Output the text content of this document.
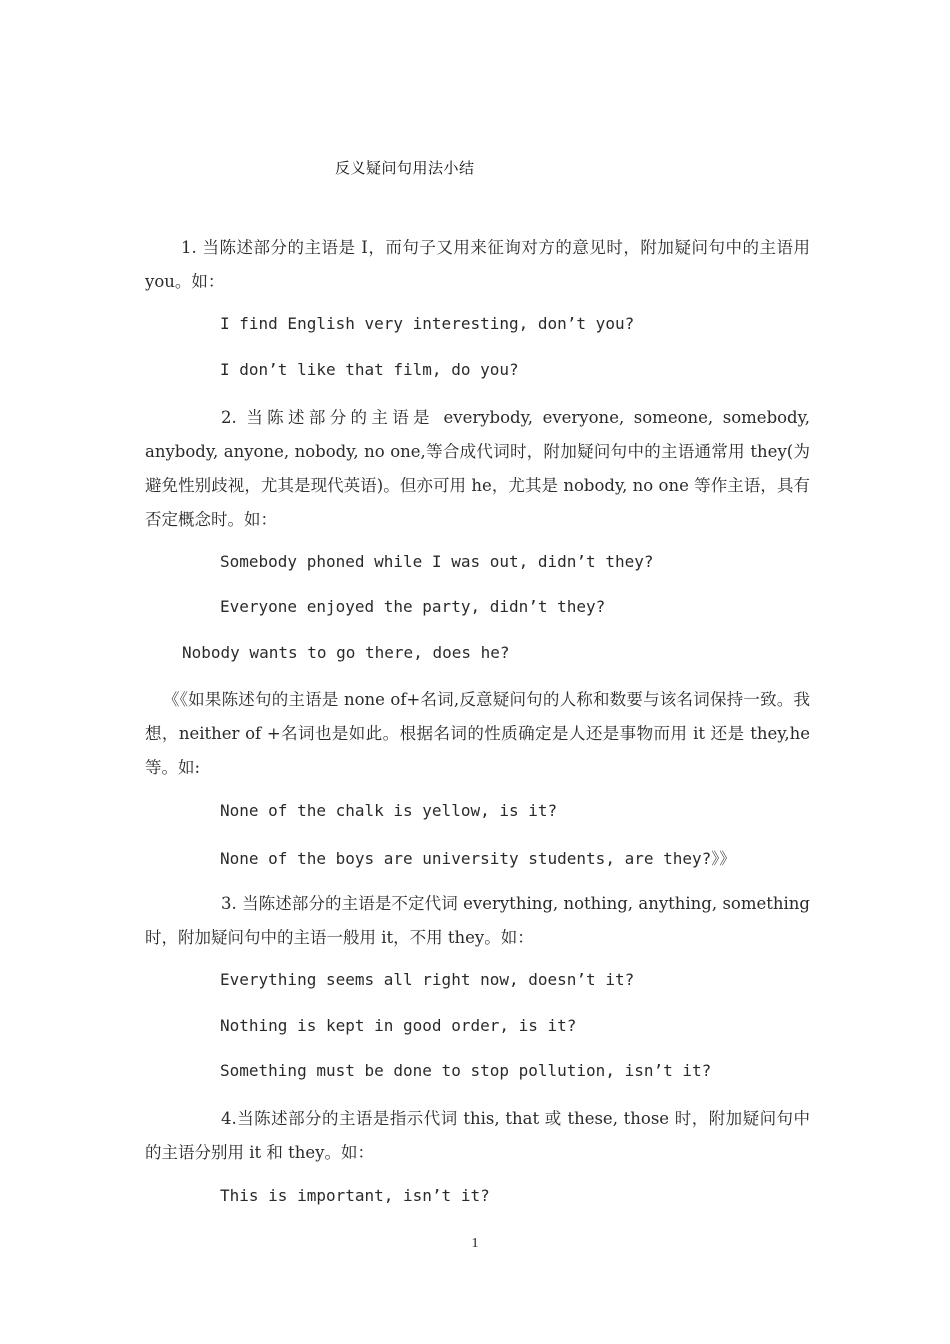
反义疑问句用法小结
1. 当陈述部分的主语是 I，而句子又用来征询对方的意见时，附加疑问句中的主语用 you。如：
I find English very interesting, don’t you?
I don’t like that film, do you?
2. 当陈述部分的主语是 everybody, everyone, someone, somebody, anybody, anyone, nobody, no one,等合成代词时，附加疑问句中的主语通常用 they(为避免性别歧视，尤其是现代英语)。但亦可用 he，尤其是 nobody, no one 等作主语，具有否定概念时。如：
Somebody phoned while I was out, didn’t they?
Everyone enjoyed the party, didn’t they?
Nobody wants to go there, does he?
《《如果陈述句的主语是 none of+名词,反意疑问句的人称和数要与该名词保持一致。我想，neither of +名词也是如此。根据名词的性质确定是人还是事物而用 it 还是 they,he 等。如:
None of the chalk is yellow, is it?
None of the boys are university students, are they?》》
3. 当陈述部分的主语是不定代词 everything, nothing, anything, something 时，附加疑问句中的主语一般用 it，不用 they。如：
Everything seems all right now, doesn’t it?
Nothing is kept in good order, is it?
Something must be done to stop pollution, isn’t it?
4.当陈述部分的主语是指示代词 this, that 或 these, those 时，附加疑问句中的主语分别用 it 和 they。如：
This is important, isn’t it?
1
